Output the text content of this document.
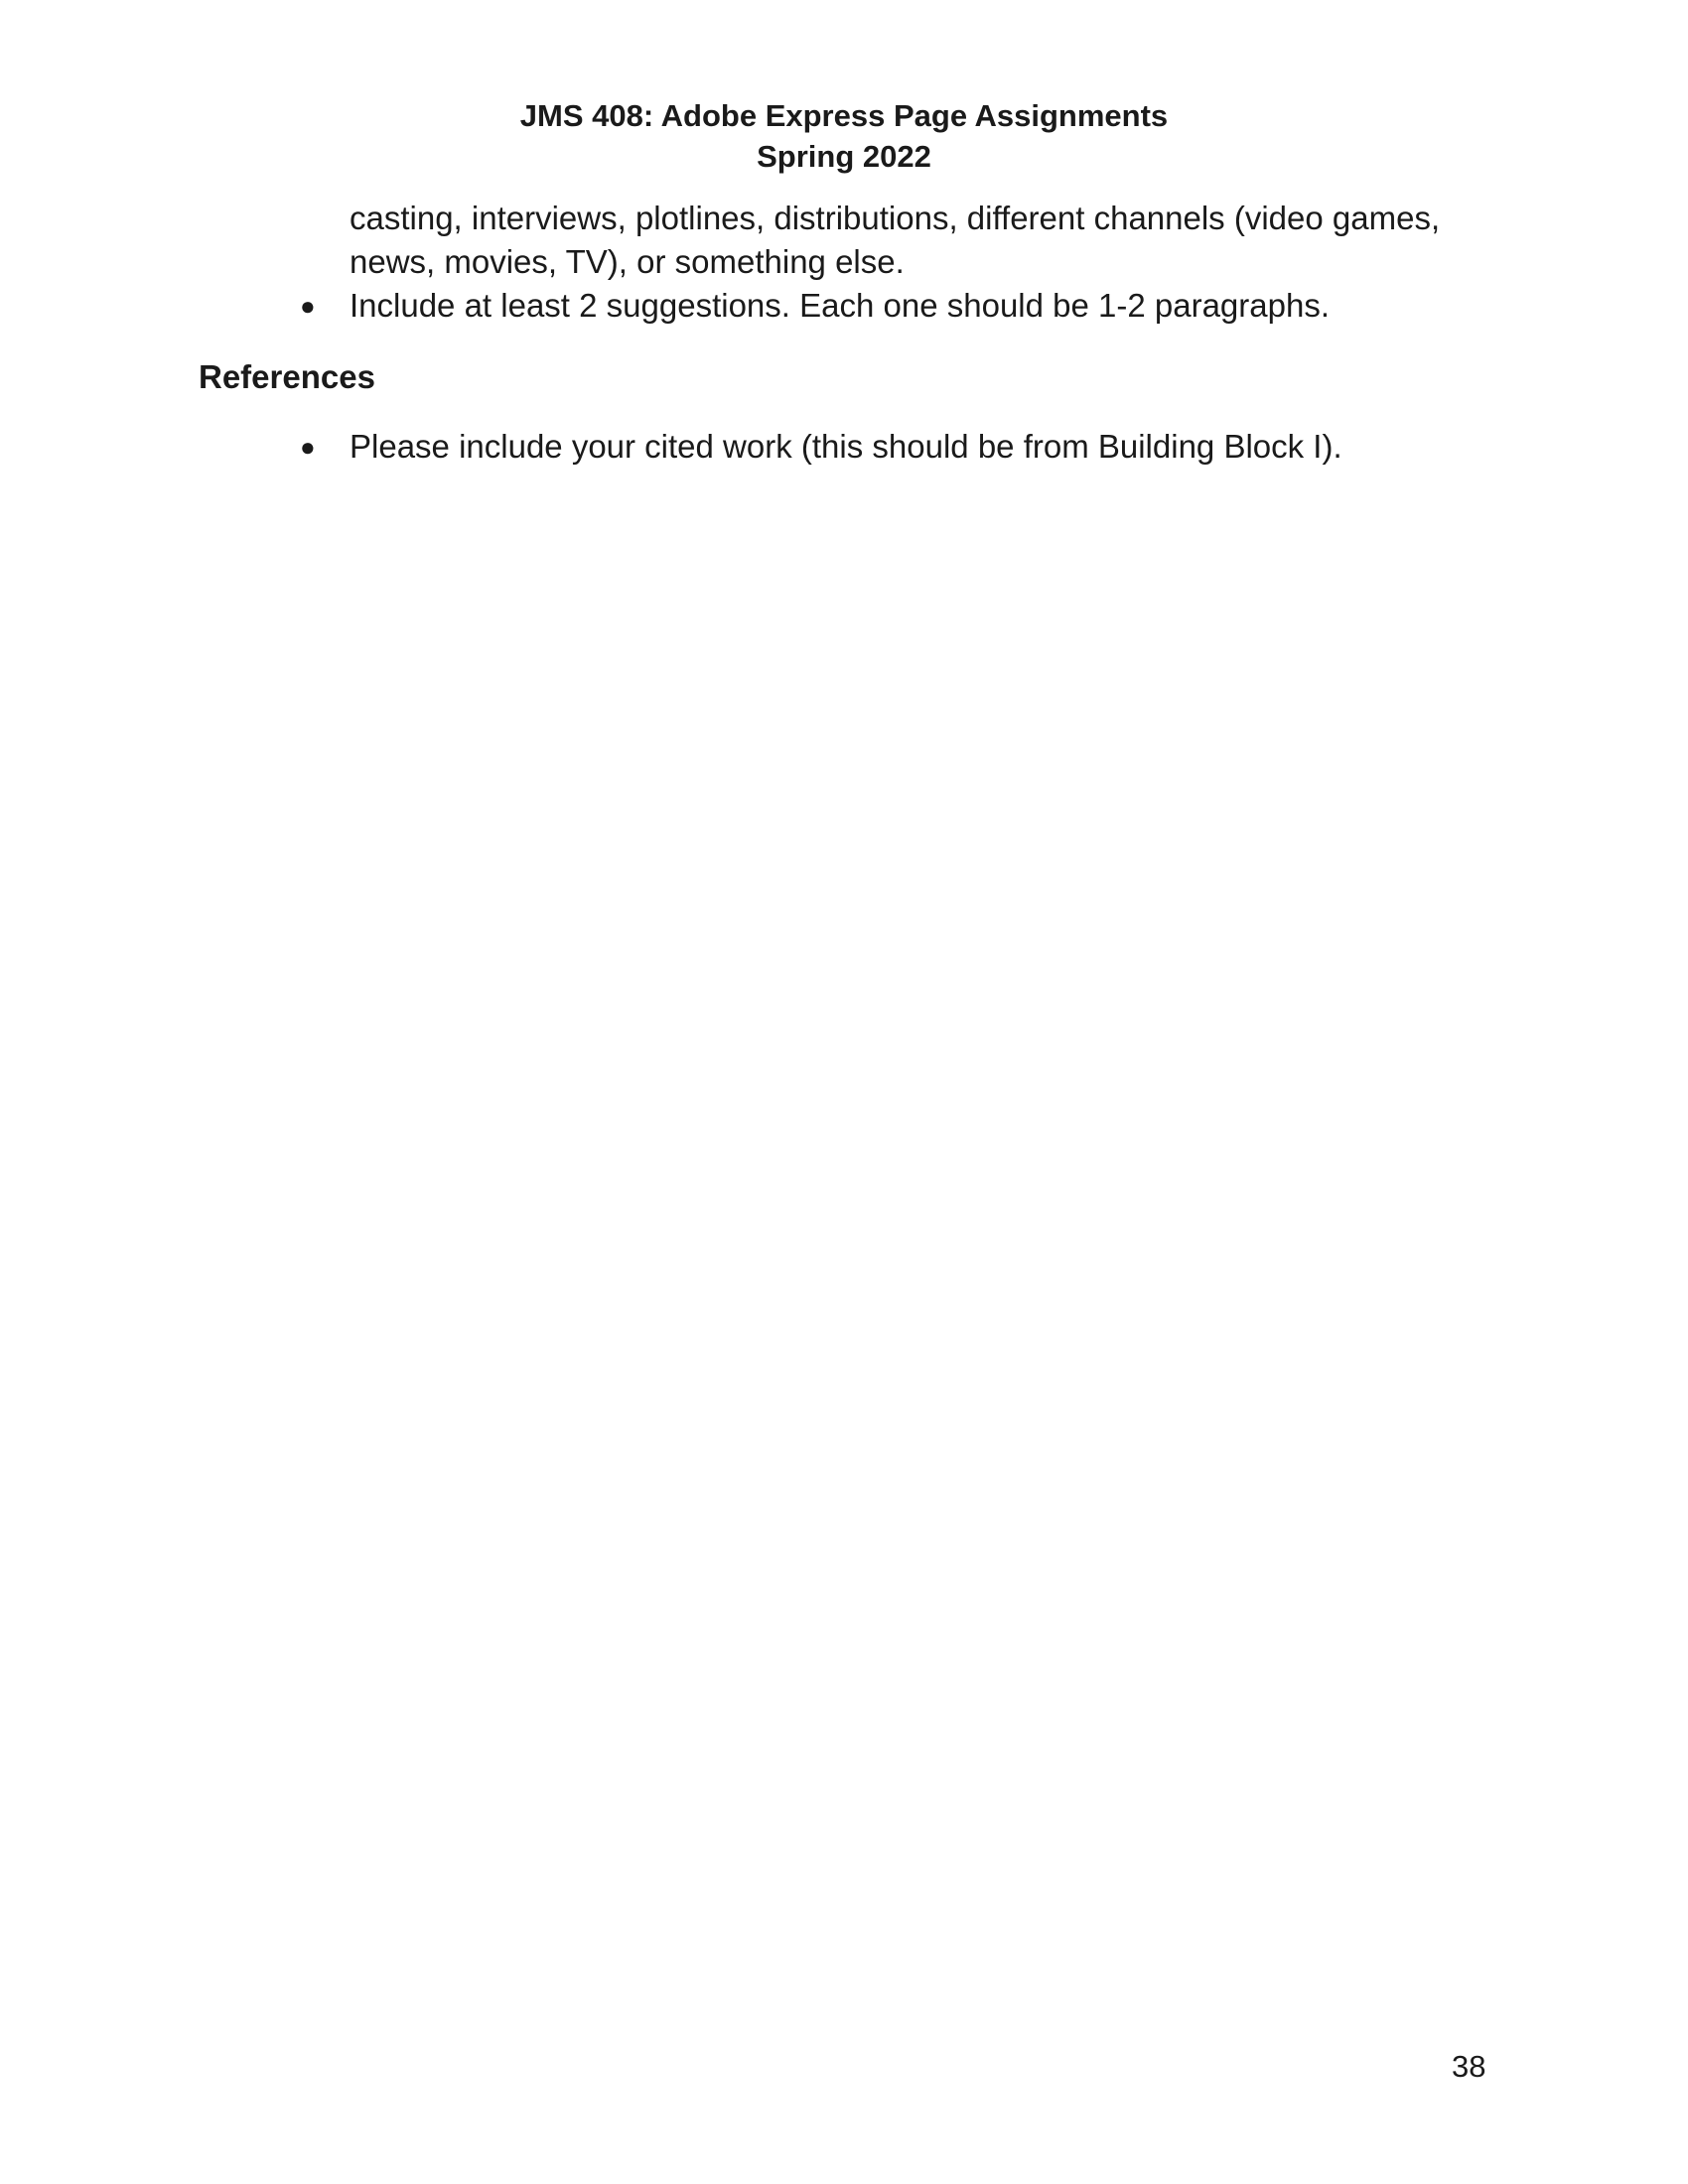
JMS 408: Adobe Express Page Assignments
Spring 2022
casting, interviews, plotlines, distributions, different channels (video games,
news, movies, TV), or something else.
● Include at least 2 suggestions. Each one should be 1-2 paragraphs.
References
● Please include your cited work (this should be from Building Block I).
38
